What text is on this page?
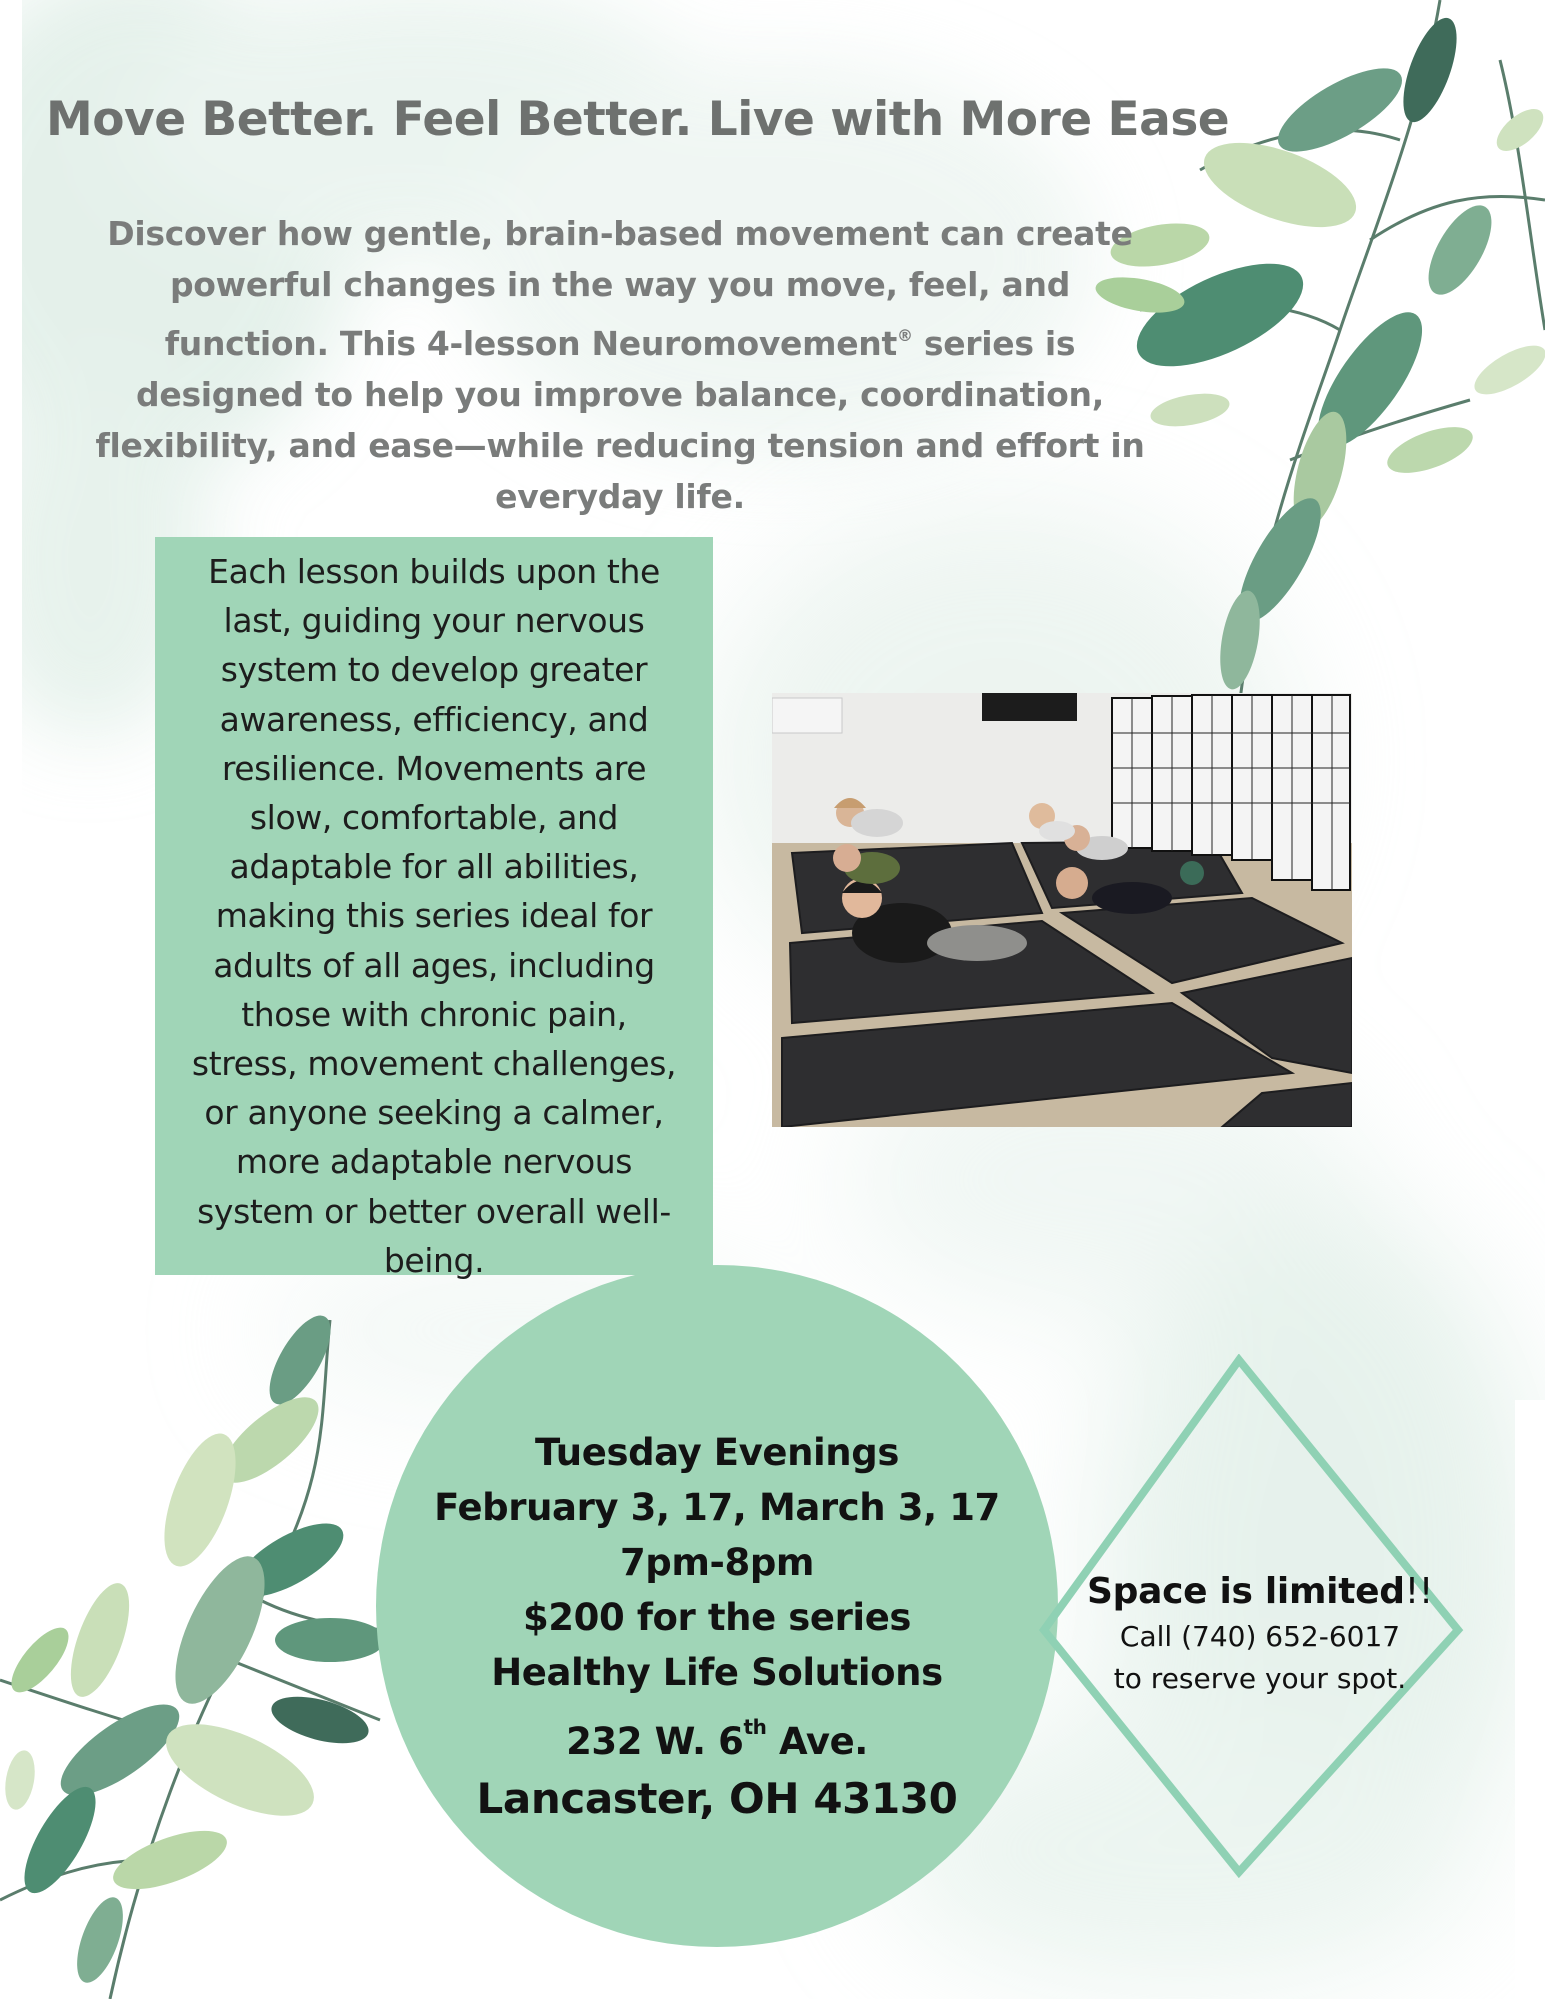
Move Better. Feel Better. Live with More Ease

Discover how gentle, brain-based movement can create
powerful changes in the way you move, feel, and
function. This 4-lesson Neuromovement® series is
designed to help you improve balance, coordination,
flexibility, and ease—while reducing tension and effort in
everyday life.

Each lesson builds upon the
last, guiding your nervous
system to develop greater
awareness, efficiency, and
resilience. Movements are
slow, comfortable, and
adaptable for all abilities,
making this series ideal for
adults of all ages, including
those with chronic pain,
stress, movement challenges,
or anyone seeking a calmer,
more adaptable nervous
system or better overall well-
being.

Tuesday Evenings
February 3, 17, March 3, 17
7pm-8pm
$200 for the series
Healthy Life Solutions
232 W. 6th Ave.
Lancaster, OH 43130
Space is limited!!
Call (740) 652-6017
to reserve your spot.
